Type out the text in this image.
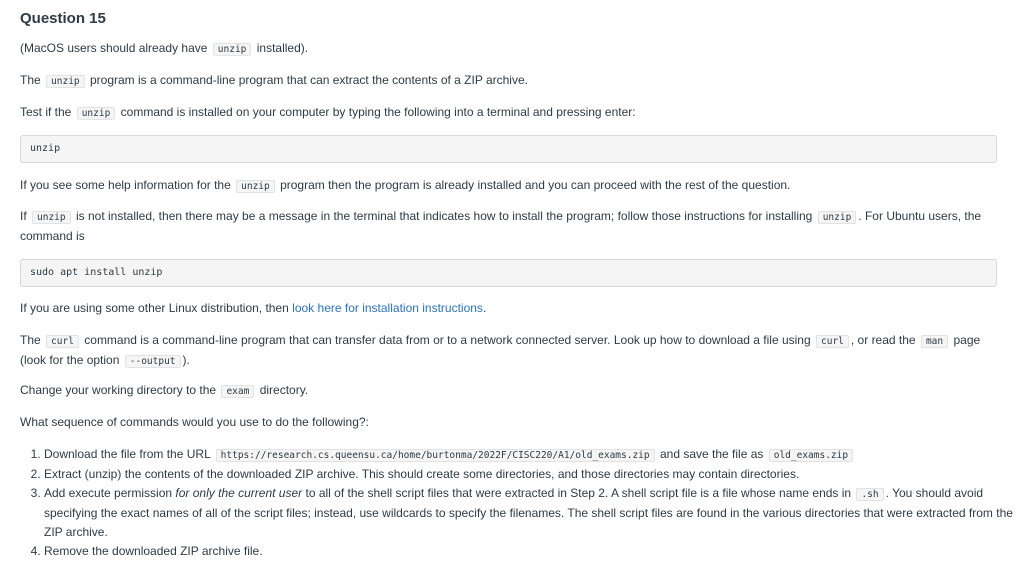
Question 15
(MacOS users should already have unzip installed).
The unzip program is a command-line program that can extract the contents of a ZIP archive.
Test if the unzip command is installed on your computer by typing the following into a terminal and pressing enter:
unzip
If you see some help information for the unzip program then the program is already installed and you can proceed with the rest of the question.
If unzip is not installed, then there may be a message in the terminal that indicates how to install the program; follow those instructions for installing unzip . For Ubuntu users, the command is
sudo apt install unzip
If you are using some other Linux distribution, then look here for installation instructions.
The curl command is a command-line program that can transfer data from or to a network connected server. Look up how to download a file using curl , or read the man page (look for the option --output ).
Change your working directory to the exam directory.
What sequence of commands would you use to do the following?:
1. Download the file from the URL https://research.cs.queensu.ca/home/burtonma/2022F/CISC220/A1/old_exams.zip and save the file as old_exams.zip
2. Extract (unzip) the contents of the downloaded ZIP archive. This should create some directories, and those directories may contain directories.
3. Add execute permission for only the current user to all of the shell script files that were extracted in Step 2. A shell script file is a file whose name ends in .sh . You should avoid specifying the exact names of all of the script files; instead, use wildcards to specify the filenames. The shell script files are found in the various directories that were extracted from the ZIP archive.
4. Remove the downloaded ZIP archive file.
